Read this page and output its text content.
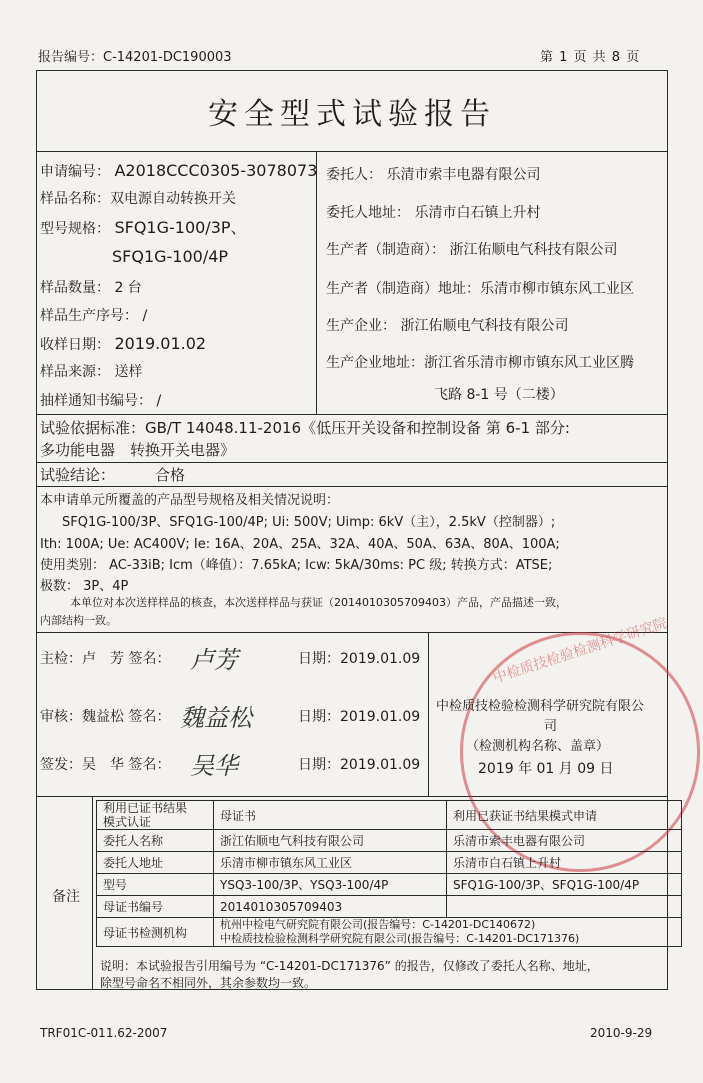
报告编号：C-14201-DC190003	第 1 页 共 8 页
安全型式试验报告
申请编号： A2018CCC0305-3078073
样品名称：双电源自动转换开关
型号规格： SFQ1G-100/3P、
SFQ1G-100/4P
样品数量： 2 台
样品生产序号： /
收样日期： 2019.01.02
样品来源： 送样
抽样通知书编号： /
委托人： 乐清市索丰电器有限公司
委托人地址： 乐清市白石镇上升村
生产者（制造商）： 浙江佑顺电气科技有限公司
生产者（制造商）地址：乐清市柳市镇东风工业区
生产企业： 浙江佑顺电气科技有限公司
生产企业地址：浙江省乐清市柳市镇东风工业区腾
飞路 8-1 号（二楼）
试验依据标准：GB/T 14048.11-2016《低压开关设备和控制设备 第 6-1 部分:
多功能电器　转换开关电器》
试验结论：	合格
本申请单元所覆盖的产品型号规格及相关情况说明：
SFQ1G-100/3P、SFQ1G-100/4P; Ui: 500V; Uimp: 6kV（主），2.5kV（控制器）;
Ith: 100A; Ue: AC400V; Ie: 16A、20A、25A、32A、40A、50A、63A、80A、100A;
使用类别： AC-33iB; Icm（峰值）：7.65kA; Icw: 5kA/30ms: PC 级; 转换方式：ATSE;
极数： 3P、4P
本单位对本次送样样品的核查，本次送样样品与获证（2014010305709403）产品，产品描述一致，
内部结构一致。	中检质技检验检测科学研究院
主检：卢　芳 签名： 卢芳	日期：2019.01.09
审核：魏益松 签名： 魏益松	日期：2019.01.09
签发：吴　华 签名： 吴华	日期：2019.01.09
中检质技检验检测科学研究院有限公
司
（检测机构名称、盖章）
2019 年 01 月 09 日
备注
利用已证书结果
模式认证	母证书	利用已获证书结果模式申请
委托人名称	浙江佑顺电气科技有限公司	乐清市索丰电器有限公司
委托人地址	乐清市柳市镇东风工业区	乐清市白石镇上升村
型号	YSQ3-100/3P、YSQ3-100/4P	SFQ1G-100/3P、SFQ1G-100/4P
母证书编号	2014010305709403	
母证书检测机构	杭州中检电气研究院有限公司(报告编号：C-14201-DC140672)
中检质技检验检测科学研究院有限公司(报告编号：C-14201-DC171376)	
说明：本试验报告引用编号为 “C-14201-DC171376” 的报告，仅修改了委托人名称、地址，
除型号命名不相同外，其余参数均一致。
TRF01C-011.62-2007	2010-9-29
